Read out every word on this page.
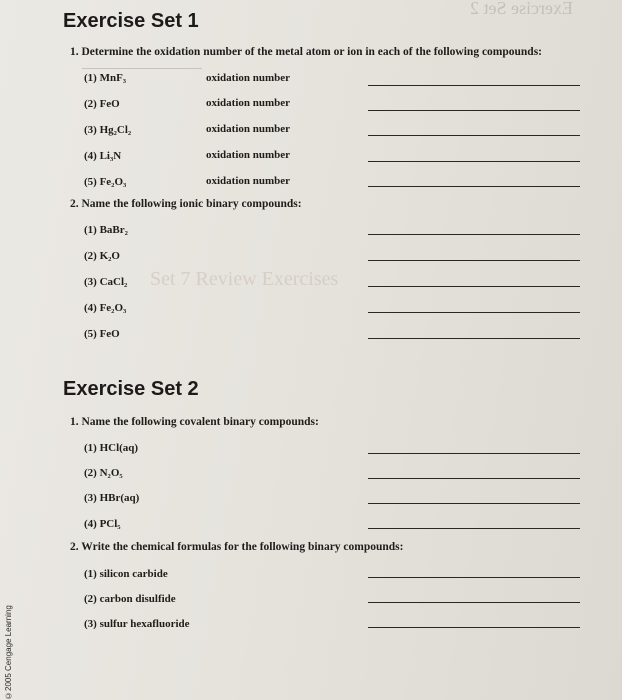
Exercise Set 2
Set 7 Review Exercises
Exercise Set 1
1. Determine the oxidation number of the metal atom or ion in each of the following compounds:
(1) MnF₃	oxidation number
(2) FeO	oxidation number
(3) Hg₂Cl₂	oxidation number
(4) Li₃N	oxidation number
(5) Fe₂O₃	oxidation number
2. Name the following ionic binary compounds:
(1) BaBr₂
(2) K₂O
(3) CaCl₂
(4) Fe₂O₃
(5) FeO
Exercise Set 2
1. Name the following covalent binary compounds:
(1) HCl(aq)
(2) N₂O₅
(3) HBr(aq)
(4) PCl₅
2. Write the chemical formulas for the following binary compounds:
(1) silicon carbide
(2) carbon disulfide
(3) sulfur hexafluoride
©2005 Cengage Learning
